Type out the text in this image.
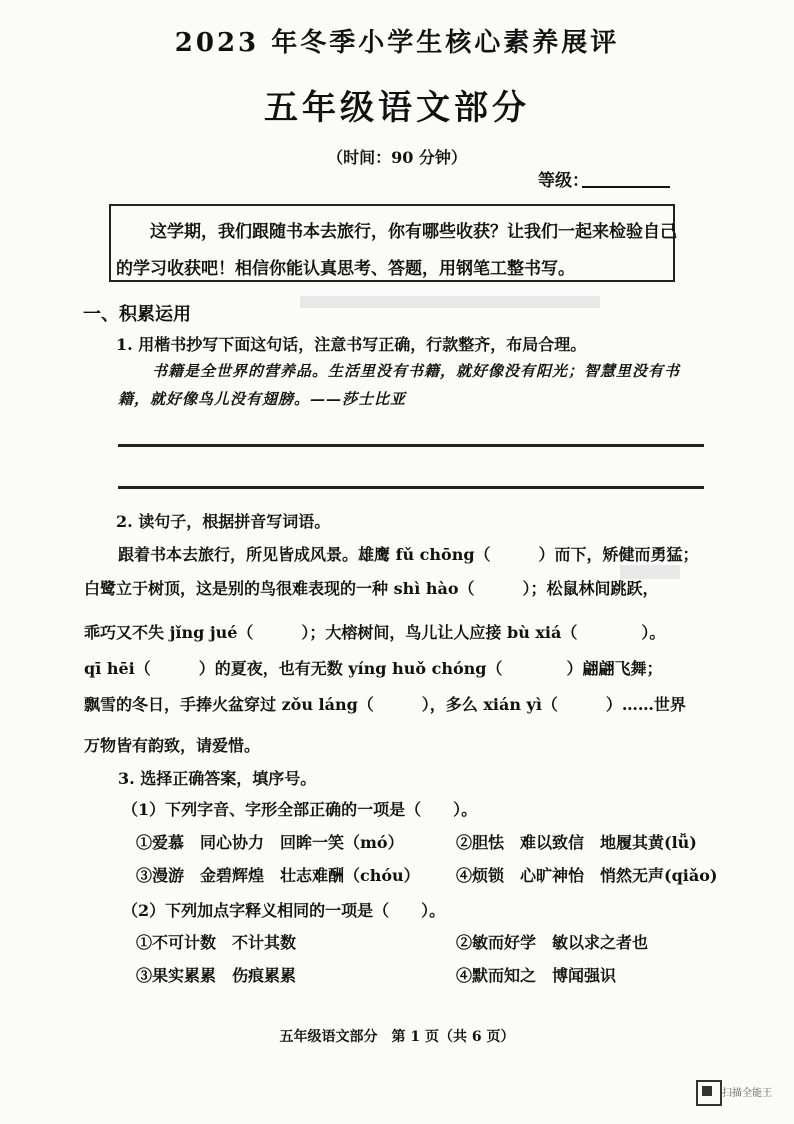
2023 年冬季小学生核心素养展评
五年级语文部分
（时间：90 分钟）
等级：
这学期，我们跟随书本去旅行，你有哪些收获？让我们一起来检验自己
的学习收获吧！相信你能认真思考、答题，用钢笔工整书写。
一、积累运用
1. 用楷书抄写下面这句话，注意书写正确，行款整齐，布局合理。
书籍是全世界的营养品。生活里没有书籍，就好像没有阳光；智慧里没有书
籍，就好像鸟儿没有翅膀。——莎士比亚
2. 读句子，根据拼音写词语。
跟着书本去旅行，所见皆成风景。雄鹰 fǔ chōng（　　　）而下，矫健而勇猛；
白鹭立于树顶，这是别的鸟很难表现的一种 shì hào（　　　）；松鼠林间跳跃，
乖巧又不失 jǐng jué（　　　）；大榕树间，鸟儿让人应接 bù xiá（　　　　）。
qī hēi（　　　）的夏夜，也有无数 yíng huǒ chóng（　　　　）翩翩飞舞；
飘雪的冬日，手捧火盆穿过 zǒu láng（　　　），多么 xián yì（　　　）……世界
万物皆有韵致，请爱惜。
3. 选择正确答案，填序号。
（1）下列字音、字形全部正确的一项是（　　）。
①爱慕　同心协力　回眸一笑（mó）	②胆怯　难以致信　地履其黄(lǚ)
③漫游　金碧辉煌　壮志难酬（chóu） ④烦锁　心旷神怡　悄然无声(qiǎo)
（2）下列加点字释义相同的一项是（　　）。
①不可计数　不计其数	②敏而好学　敏以求之者也
③果实累累　伤痕累累	④默而知之　博闻强识
五年级语文部分　第 1 页（共 6 页）
扫描全能王
